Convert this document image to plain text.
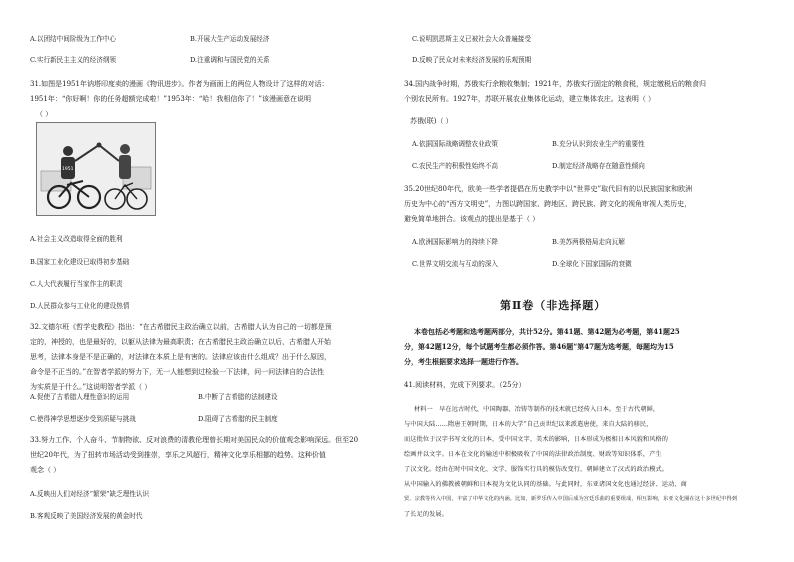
A.以团结中间阶级为工作中心	B.开展大生产运动发展经济
C.实行新民主主义的经济纲领	D.注重调和与国民党的关系
31.如图是1951年讷塔印度卖的漫画《物讯进步》。作者为画面上的两位人物设计了这样的对话：
1951年：“你好啊！你的任务超额完成啦！”1953年：“哈！我相信你了！”该漫画意在说明
（ ）
1951
A.社会主义改造取得全面的胜利
B.国家工业化建设已取得初步基础
C.人大代表履行当家作主的职责
D.人民群众参与工业化的建设热情
32.文德尔班《哲学史教程》指出：“在古希腊民主政治确立以前，古希腊人认为自己的一切都是预
定的，神授的，也是最好的，以躯从法律为最高职责；在古希腊民主政治确立以后，古希腊人开始
思考，法律本身是不是正确的，对法律在本质上是有害的。法律应该由什么组成？出于什么原因，
命令是不正当的。”在智者学派的努力下，无一人能想到过检验一下法律，问一问法律自的合法性
为实质是于什么。”这说明智者学派（ ）
A.促使了古希腊人理性意识的运用	B.中断了古希腊的法制建设
C.使得神学思想逐步受到质疑与挑战	D.阻碍了古希腊的民主制度
33.努力工作、个人奋斗、节制物欲、反对浪费的清教伦理曾长期对美国民众的价值观念影响深远。但至20
世纪20年代，为了扭转市场活动受到推崇，享乐之风超行，精神文化享乐相挪的趋势。这种价值
观念（ ）
A.反映出人们对经济“繁荣”缺乏理性认识
B.客观反映了美国经济发展的黄金时代
C.说明凯恩斯主义已被社会大众普遍接受
D.反映了民众对未来经济发展的乐观预期
34.国内战争时期，苏俄实行余粮收集制；1921年，苏俄实行固定的粮食税，规定缴税后的粮食归
个别农民所有。1927年，苏联开展农业集体化运动，建立集体农庄。这表明（ ）
苏俄(联)（ ）
A.依据国际战略调整农业政策	B.充分认识到农业生产的重要性
C.农民生产的积极性始终不高	D.制定经济战略存在随意性倾向
35.20世纪80年代，欧美一些学者提倡在历史教学中以“世界史”取代旧有的以民族国家和欧洲
历史为中心的“西方文明史”，力图以跨国家、跨地区、跨民族、跨文化的视角审视人类历史，
避免简单地拼合。该观点的提出是基于（ ）
A.欧洲国际影响力的持续下降	B.美苏两极格局走向瓦解
C.世界文明交流与互动的深入	D.全球化下国家国际的衰微
第Ⅱ卷（非选择题）
本卷包括必考题和选考题两部分，共计52分。第41题、第42题为必考题，第41题25
分，第42题12分，每个试题考生都必须作答。第46题“第47题为选考题，每题均为15
分，考生根据要求选择一题进行作答。
41.阅读材料，完成下列要求。（25分）
材料一　早在远古时代，中国陶器、冶铸等制作的技术就已经传入日本。至于古代朝鲜，
与中国大陆……隋唐王朝时期，日本的大学“自己贡世纪以来派遣唐使，来自大陆的移民，
而这批位于汉字书写文化的日本，受中国文字、美术的影响，日本形成为极相日本风貌和风格的
绘画并以文字。日本在文化的输送中积极吸收了中国的法律政治制度、财政等知识体系，产生
了汉文化。经由在时中国文化、文学、服饰实行具的模仿改变行，朝鲜建立了汉式的政治模式。
从中国输入的佛教被朝鲜和日本视为文化认同的基础。与此同时，东亚诸国文化也通过经济、运动、商
贸、宗教等传入中国，丰富了中华文化的内涵。比如，新罗乐传入中国后成为宫廷乐曲的重要组成，相互影响，东亚文化圈在这十多世纪中得到
了长足的发展。
